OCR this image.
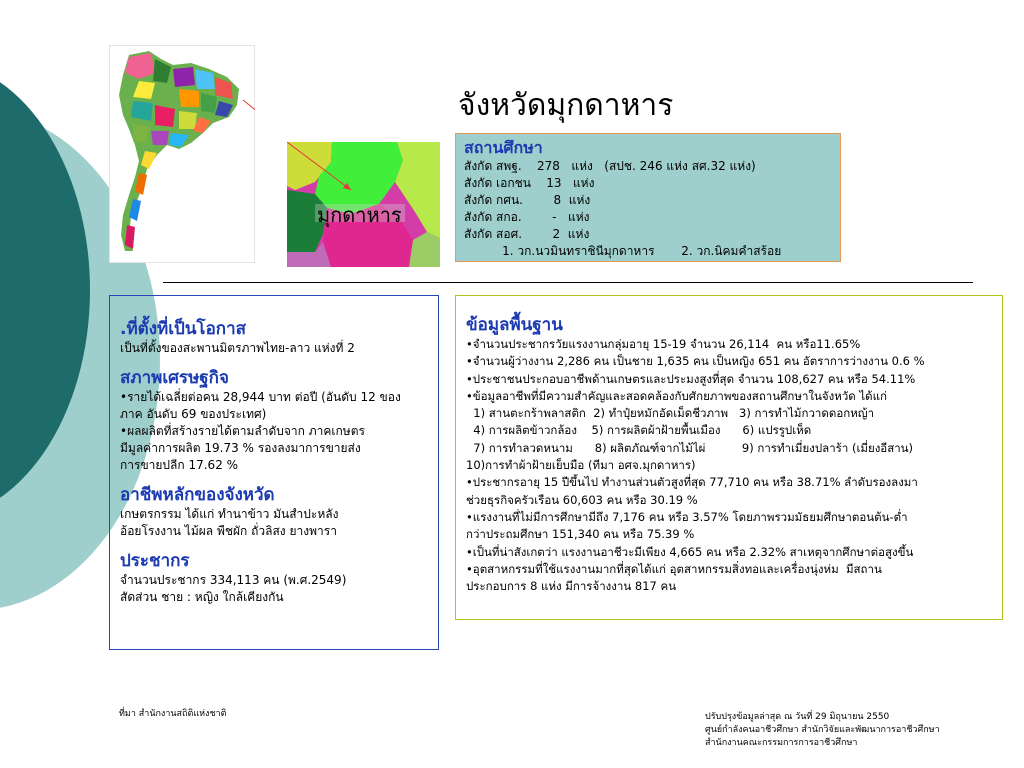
มุกดาหาร
จังหวัดมุกดาหาร
สถานศึกษา
สังกัด สพฐ.    278   แห่ง   (สปช. 246 แห่ง สศ.32 แห่ง)
สังกัด เอกชน    13   แห่ง
สังกัด กศน.        8  แห่ง
สังกัด สกอ.        -   แห่ง
สังกัด สอศ.        2  แห่ง
1. วก.นวมินทราชินีมุกดาหาร       2. วก.นิคมคำสร้อย
.ที่ตั้งที่เป็นโอกาส
เป็นที่ตั้งของสะพานมิตรภาพไทย-ลาว แห่งที่ 2
สภาพเศรษฐกิจ
•รายได้เฉลี่ยต่อคน 28,944 บาท ต่อปี (อันดับ 12 ของ
ภาค อันดับ 69 ของประเทศ)
•ผลผลิตที่สร้างรายได้ตามลำดับจาก ภาคเกษตร
มีมูลค่าการผลิต 19.73 % รองลงมาการขายส่ง
การขายปลีก 17.62 %
อาชีพหลักของจังหวัด
เกษตรกรรม ได้แก่ ทำนาข้าว มันสำปะหลัง
อ้อยโรงงาน ไม้ผล พืชผัก ถั่วลิสง ยางพารา
ประชากร
จำนวนประชากร 334,113 คน (พ.ศ.2549)
สัดส่วน ชาย : หญิง ใกล้เคียงกัน
ข้อมูลพื้นฐาน
•จำนวนประชากรวัยแรงงานกลุ่มอายุ 15-19 จำนวน 26,114  คน หรือ11.65%
•จำนวนผู้ว่างงาน 2,286 คน เป็นชาย 1,635 คน เป็นหญิง 651 คน อัตราการว่างงาน 0.6 %
•ประชาชนประกอบอาชีพด้านเกษตรและประมงสูงที่สุด จำนวน 108,627 คน หรือ 54.11%
•ข้อมูลอาชีพที่มีความสำคัญและสอดคล้องกับศักยภาพของสถานศึกษาในจังหวัด ได้แก่
1) สานตะกร้าพลาสติก  2) ทำปุ๋ยหมักอัดเม็ดชีวภาพ   3) การทำไม้กวาดดอกหญ้า
4) การผลิตข้าวกล้อง    5) การผลิตผ้าฝ้ายพื้นเมือง      6) แปรรูปเห็ด
7) การทำลวดหนาม      8) ผลิตภัณฑ์จากไม้ไผ่          9) การทำเมี่ยงปลาร้า (เมี่ยงอีสาน)
10)การทำผ้าฝ้ายเย็บมือ (ทีมา อศจ.มุกดาหาร)
•ประชากรอายุ 15 ปีขึ้นไป ทำงานส่วนตัวสูงที่สุด 77,710 คน หรือ 38.71% ลำดับรองลงมา
ช่วยธุรกิจครัวเรือน 60,603 คน หรือ 30.19 %
•แรงงานที่ไม่มีการศึกษามีถึง 7,176 คน หรือ 3.57% โดยภาพรวมมัธยมศึกษาตอนต้น-ต่ำ
กว่าประถมศึกษา 151,340 คน หรือ 75.39 %
•เป็นที่น่าสังเกตว่า แรงงานอาชีวะมีเพียง 4,665 คน หรือ 2.32% สาเหตุจากศึกษาต่อสูงขึ้น
•อุตสาหกรรมที่ใช้แรงงานมากที่สุดได้แก่ อุตสาหกรรมสิ่งทอและเครื่องนุ่งห่ม  มีสถาน
ประกอบการ 8 แห่ง มีการจ้างงาน 817 คน
ที่มา สำนักงานสถิติแห่งชาติ	ปรับปรุงข้อมูลล่าสุด ณ วันที่ 29 มิถุนายน 2550
ศูนย์กำลังคนอาชีวศึกษา สำนักวิจัยและพัฒนาการอาชีวศึกษา
สำนักงานคณะกรรมการการอาชีวศึกษา
